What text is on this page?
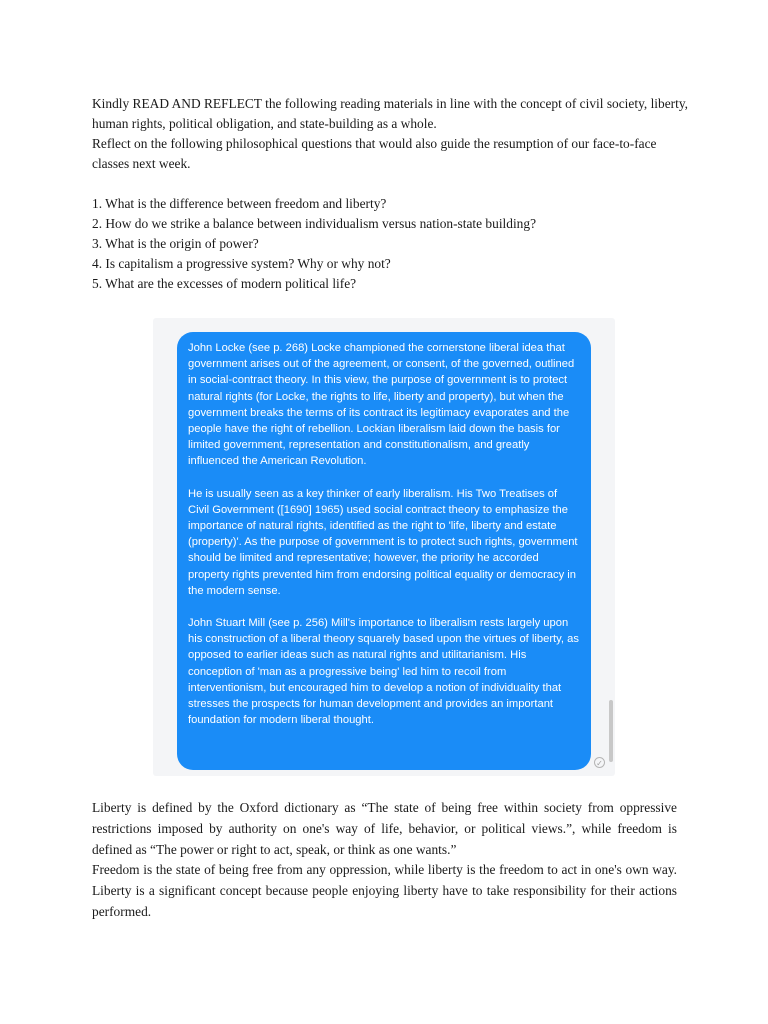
Kindly READ AND REFLECT the following reading materials in line with the concept of civil society, liberty, human rights, political obligation, and state-building as a whole.

Reflect on the following philosophical questions that would also guide the resumption of our face-to-face classes next week.

1. What is the difference between freedom and liberty?
2. How do we strike a balance between individualism versus nation-state building?
3. What is the origin of power?
4. Is capitalism a progressive system? Why or why not?
5. What are the excesses of modern political life?

John Locke (see p. 268) Locke championed the cornerstone liberal idea that government arises out of the agreement, or consent, of the governed, outlined in social-contract theory. In this view, the purpose of government is to protect natural rights (for Locke, the rights to life, liberty and property), but when the government breaks the terms of its contract its legitimacy evaporates and the people have the right of rebellion. Lockian liberalism laid down the basis for limited government, representation and constitutionalism, and greatly influenced the American Revolution.

He is usually seen as a key thinker of early liberalism. His Two Treatises of Civil Government ([1690] 1965) used social contract theory to emphasize the importance of natural rights, identified as the right to 'life, liberty and estate (property)'. As the purpose of government is to protect such rights, government should be limited and representative; however, the priority he accorded property rights prevented him from endorsing political equality or democracy in the modern sense.

John Stuart Mill (see p. 256) Mill's importance to liberalism rests largely upon his construction of a liberal theory squarely based upon the virtues of liberty, as opposed to earlier ideas such as natural rights and utilitarianism. His conception of 'man as a progressive being' led him to recoil from interventionism, but encouraged him to develop a notion of individuality that stresses the prospects for human development and provides an important foundation for modern liberal thought.

✓

Liberty is defined by the Oxford dictionary as “The state of being free within society from oppressive restrictions imposed by authority on one's way of life, behavior, or political views.”, while freedom is defined as “The power or right to act, speak, or think as one wants.”

Freedom is the state of being free from any oppression, while liberty is the freedom to act in one's own way. Liberty is a significant concept because people enjoying liberty have to take responsibility for their actions performed.
